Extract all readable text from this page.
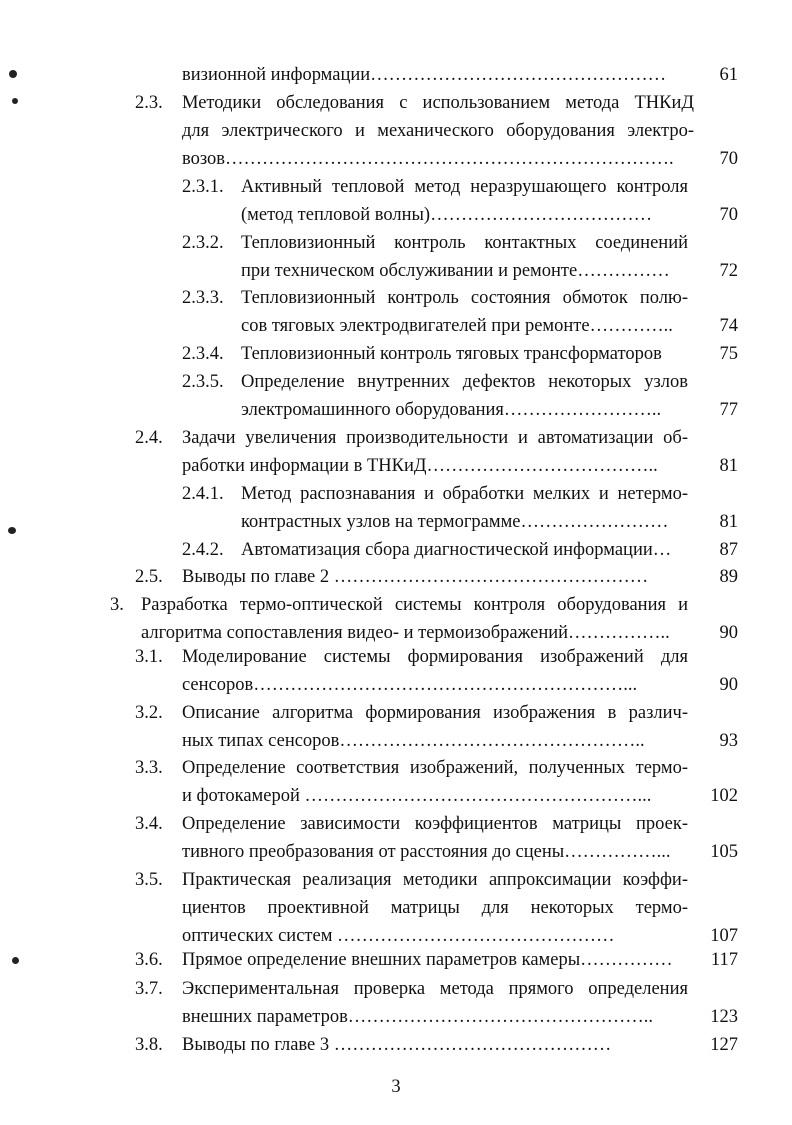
визионной информации…………………………………………	61
2.3. Методики обследования с использованием метода ТНКиД
для электрического и механического оборудования электро-
возов……………………………………………………………….	70
2.3.1. Активный тепловой метод неразрушающего контроля
(метод тепловой волны)………………………………	70
2.3.2. Тепловизионный контроль контактных соединений
при техническом обслуживании и ремонте……………	72
2.3.3. Тепловизионный контроль состояния обмоток полю-
сов тяговых электродвигателей при ремонте…………..	74
2.3.4. Тепловизионный контроль тяговых трансформаторов	75
2.3.5. Определение внутренних дефектов некоторых узлов
электромашинного оборудования……………………..	77
2.4. Задачи увеличения производительности и автоматизации об-
работки информации в ТНКиД………………………………..	81
2.4.1. Метод распознавания и обработки мелких и нетермо-
контрастных узлов на термограмме……………………	81
2.4.2. Автоматизация сбора диагностической информации…	87
2.5. Выводы по главе 2 ……………………………………………	89
3. Разработка термо-оптической системы контроля оборудования и
алгоритма сопоставления видео- и термоизображений……………..	90
3.1. Моделирование системы формирования изображений для
сенсоров……………………………………………………...	90
3.2. Описание алгоритма формирования изображения в различ-
ных типах сенсоров…………………………………………..	93
3.3. Определение соответствия изображений, полученных термо-
и фотокамерой ………………………………………………...	102
3.4. Определение зависимости коэффициентов матрицы проек-
тивного преобразования от расстояния до сцены……………...	105
3.5. Практическая реализация методики аппроксимации коэффи-
циентов проективной матрицы для некоторых термо-
оптических систем ………………………………………	107
3.6. Прямое определение внешних параметров камеры……………	117
3.7. Экспериментальная проверка метода прямого определения
внешних параметров…………………………………………..	123
3.8. Выводы по главе 3 ………………………………………	127
3
